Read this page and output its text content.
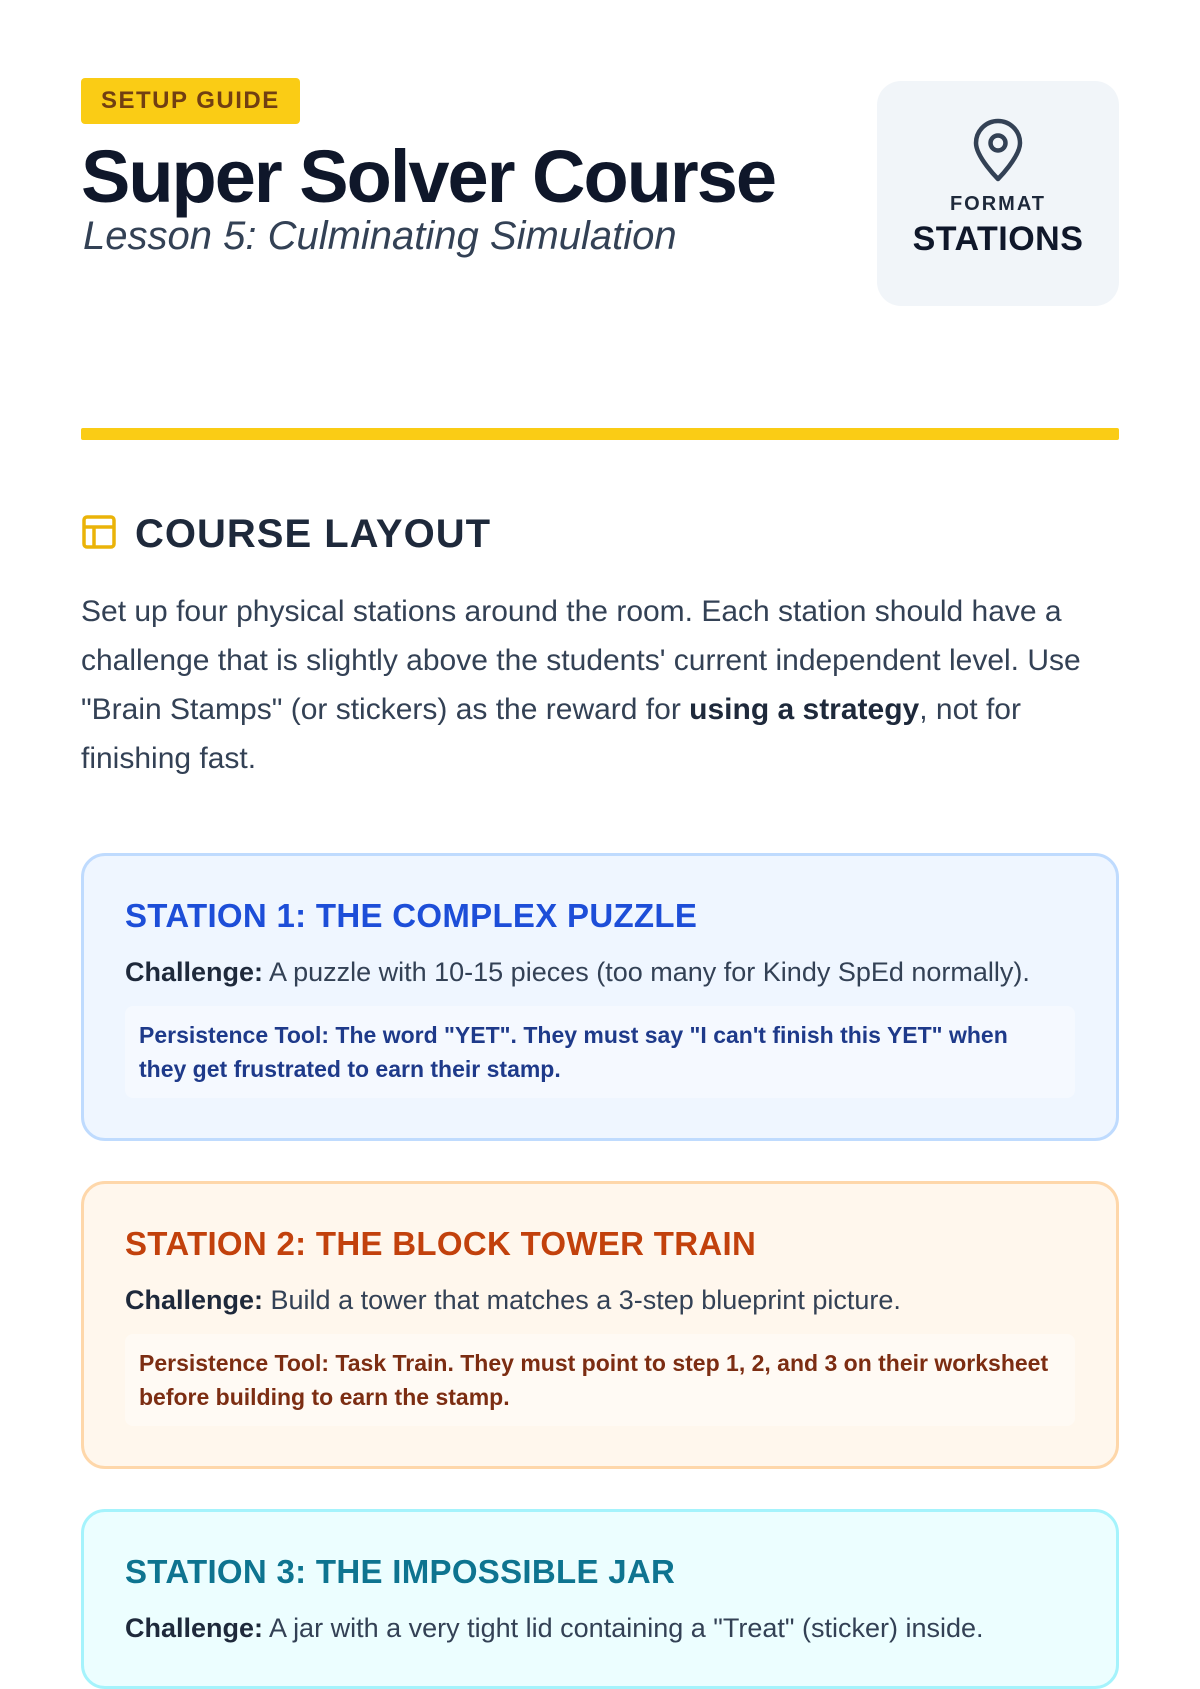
SETUP GUIDE
Super Solver Course
Lesson 5: Culminating Simulation
FORMAT
STATIONS
COURSE LAYOUT

Set up four physical stations around the room. Each station should have a challenge that is slightly above the students' current independent level. Use "Brain Stamps" (or stickers) as the reward for using a strategy, not for finishing fast.

STATION 1: THE COMPLEX PUZZLE
Challenge: A puzzle with 10-15 pieces (too many for Kindy SpEd normally).
Persistence Tool: The word "YET". They must say "I can't finish this YET" when they get frustrated to earn their stamp.
STATION 2: THE BLOCK TOWER TRAIN
Challenge: Build a tower that matches a 3-step blueprint picture.
Persistence Tool: Task Train. They must point to step 1, 2, and 3 on their worksheet before building to earn the stamp.
STATION 3: THE IMPOSSIBLE JAR
Challenge: A jar with a very tight lid containing a "Treat" (sticker) inside.
